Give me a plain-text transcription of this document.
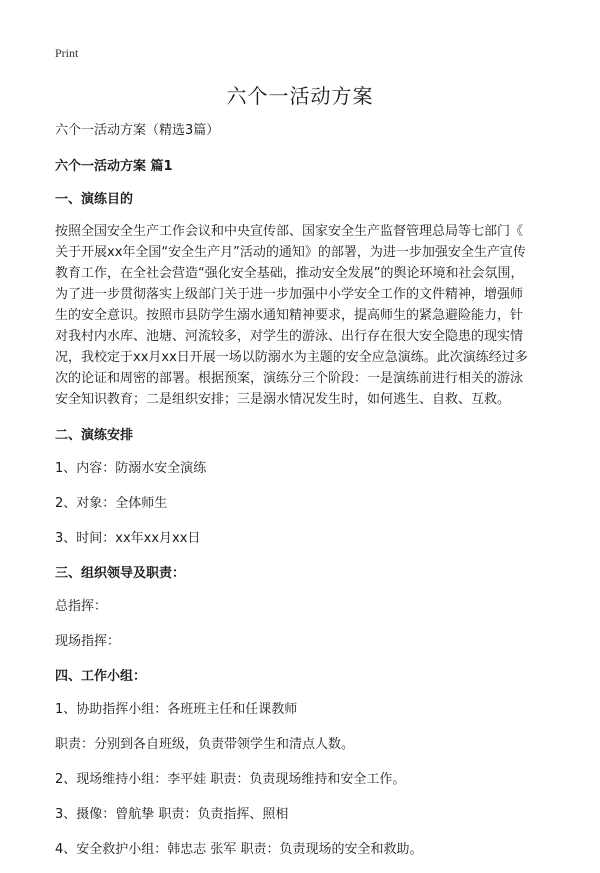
Print
六个一活动方案

六个一活动方案（精选3篇）

六个一活动方案 篇1

一、演练目的

按照全国安全生产工作会议和中央宣传部、国家安全生产监督管理总局等七部门《
关于开展xx年全国“安全生产月”活动的通知》的部署，为进一步加强安全生产宣传
教育工作，在全社会营造“强化安全基础，推动安全发展”的舆论环境和社会氛围，
为了进一步贯彻落实上级部门关于进一步加强中小学安全工作的文件精神，增强师
生的安全意识。按照市县防学生溺水通知精神要求，提高师生的紧急避险能力，针
对我村内水库、池塘、河流较多，对学生的游泳、出行存在很大安全隐患的现实情
况，我校定于xx月xx日开展一场以防溺水为主题的安全应急演练。此次演练经过多
次的论证和周密的部署。根据预案，演练分三个阶段：一是演练前进行相关的游泳
安全知识教育；二是组织安排；三是溺水情况发生时，如何逃生、自救、互救。

二、演练安排

1、内容：防溺水安全演练

2、对象：全体师生

3、时间：xx年xx月xx日

三、组织领导及职责：

总指挥：

现场指挥：

四、工作小组：

1、协助指挥小组：各班班主任和任课教师

职责：分别到各自班级，负责带领学生和清点人数。

2、现场维持小组：李平娃 职责：负责现场维持和安全工作。

3、摄像：曾航挚 职责：负责指挥、照相

4、安全救护小组：韩忠志 张军 职责：负责现场的安全和救助。
